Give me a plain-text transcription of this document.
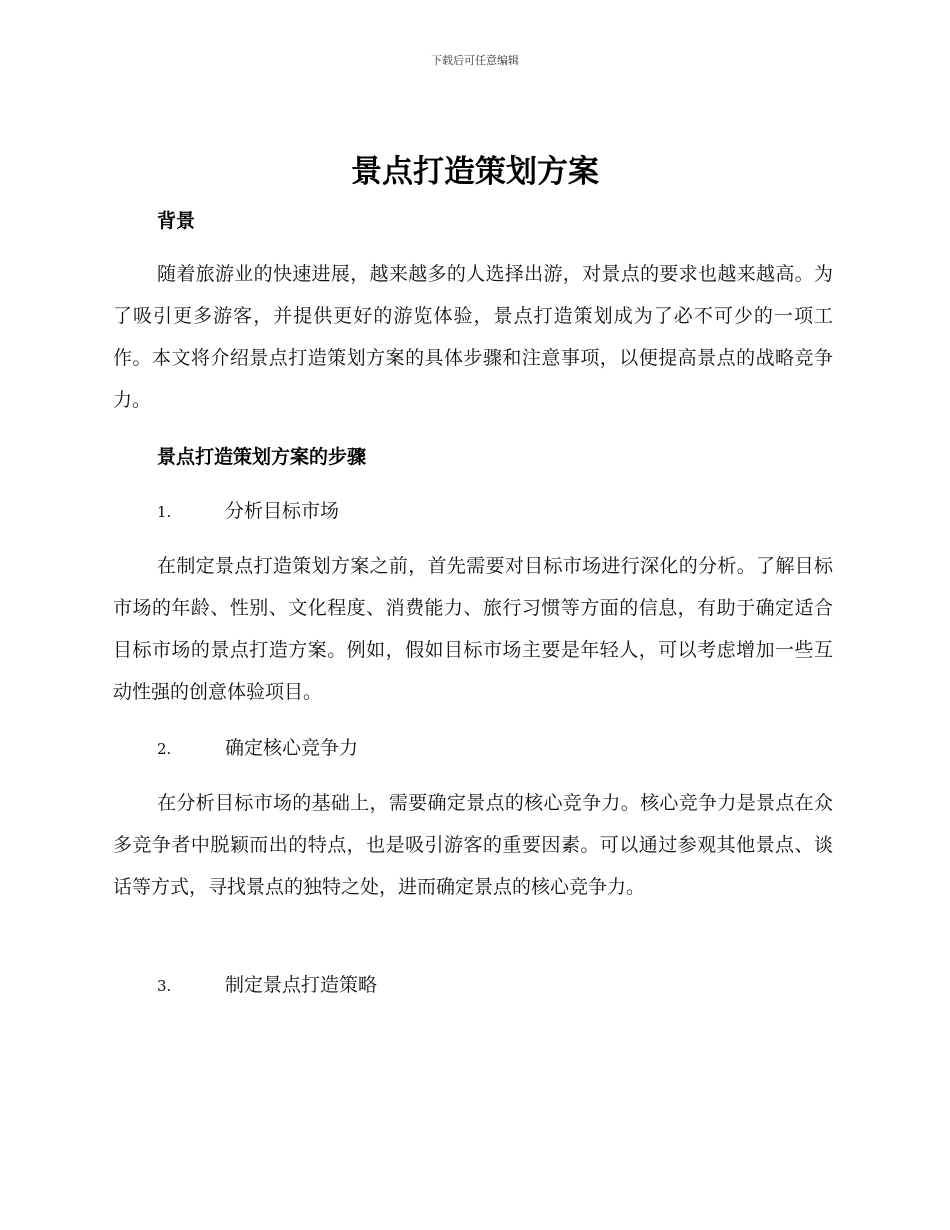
下载后可任意编辑
景点打造策划方案
背景

随着旅游业的快速进展，越来越多的人选择出游，对景点的要求也越来越高。为了吸引更多游客，并提供更好的游览体验，景点打造策划成为了必不可少的一项工作。本文将介绍景点打造策划方案的具体步骤和注意事项，以便提高景点的战略竞争力。

景点打造策划方案的步骤
1.	分析目标市场

在制定景点打造策划方案之前，首先需要对目标市场进行深化的分析。了解目标市场的年龄、性别、文化程度、消费能力、旅行习惯等方面的信息，有助于确定适合目标市场的景点打造方案。例如，假如目标市场主要是年轻人，可以考虑增加一些互动性强的创意体验项目。

2.	确定核心竞争力

在分析目标市场的基础上，需要确定景点的核心竞争力。核心竞争力是景点在众多竞争者中脱颖而出的特点，也是吸引游客的重要因素。可以通过参观其他景点、谈话等方式，寻找景点的独特之处，进而确定景点的核心竞争力。

3.	制定景点打造策略
